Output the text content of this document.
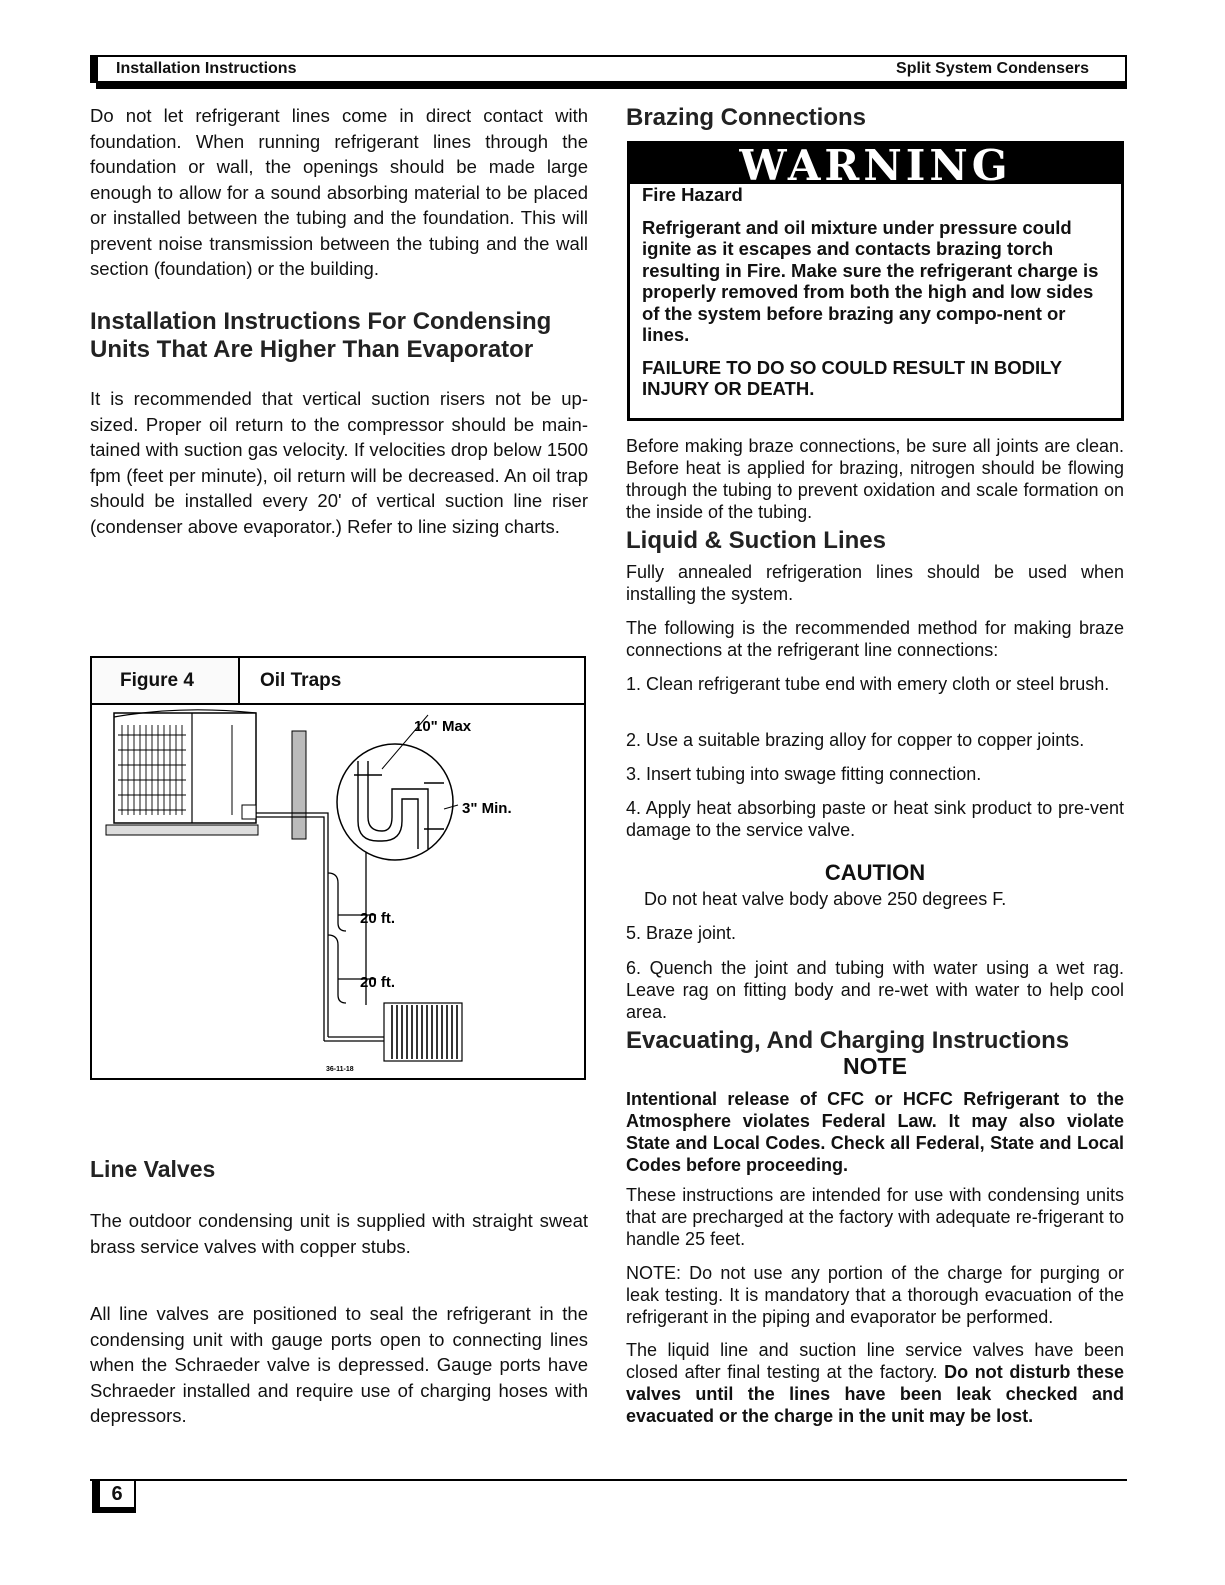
Installation Instructions	Split System Condensers

Do not let refrigerant lines come in direct contact with foundation. When running refrigerant lines through the foundation or wall, the openings should be made large enough to allow for a sound absorbing material to be placed or installed between the tubing and the foundation. This will prevent noise transmission between the tubing and the wall section (foundation) or the building.

Installation Instructions For Condensing Units That Are Higher Than Evaporator

It is recommended that vertical suction risers not be up-sized. Proper oil return to the compressor should be main-tained with suction gas velocity. If velocities drop below 1500 fpm (feet per minute), oil return will be decreased. An oil trap should be installed every 20' of vertical suction line riser (condenser above evaporator.) Refer to line sizing charts.

Figure 4	Oil Traps
10" Max
3" Min.
20 ft.
20 ft.
36-11-18
Line Valves

The outdoor condensing unit is supplied with straight sweat brass service valves with copper stubs.

All line valves are positioned to seal the refrigerant in the condensing unit with gauge ports open to connecting lines when the Schraeder valve is depressed. Gauge ports have Schraeder installed and require use of charging hoses with depressors.

Brazing Connections
WARNING

Fire Hazard

Refrigerant and oil mixture under pressure could ignite as it escapes and contacts brazing torch resulting in Fire. Make sure the refrigerant charge is properly removed from both the high and low sides of the system before brazing any compo-nent or lines.

FAILURE TO DO SO COULD RESULT IN BODILY INJURY OR DEATH.

Before making braze connections, be sure all joints are clean. Before heat is applied for brazing, nitrogen should be flowing through the tubing to prevent oxidation and scale formation on the inside of the tubing.

Liquid & Suction Lines

Fully annealed refrigeration lines should be used when installing the system.

The following is the recommended method for making braze connections at the refrigerant line connections:

1. Clean refrigerant tube end with emery cloth or steel brush.

2. Use a suitable brazing alloy for copper to copper joints.

3. Insert tubing into swage fitting connection.

4. Apply heat absorbing paste or heat sink product to pre-vent damage to the service valve.

CAUTION

Do not heat valve body above 250 degrees F.

5. Braze joint.

6. Quench the joint and tubing with water using a wet rag. Leave rag on fitting body and re-wet with water to help cool area.

Evacuating, And Charging Instructions
NOTE

Intentional release of CFC or HCFC Refrigerant to the Atmosphere violates Federal Law. It may also violate State and Local Codes. Check all Federal, State and Local Codes before proceeding.

These instructions are intended for use with condensing units that are precharged at the factory with adequate re-frigerant to handle 25 feet.

NOTE: Do not use any portion of the charge for purging or leak testing. It is mandatory that a thorough evacuation of the refrigerant in the piping and evaporator be performed.

The liquid line and suction line service valves have been closed after final testing at the factory. Do not disturb these valves until the lines have been leak checked and evacuated or the charge in the unit may be lost.

6
